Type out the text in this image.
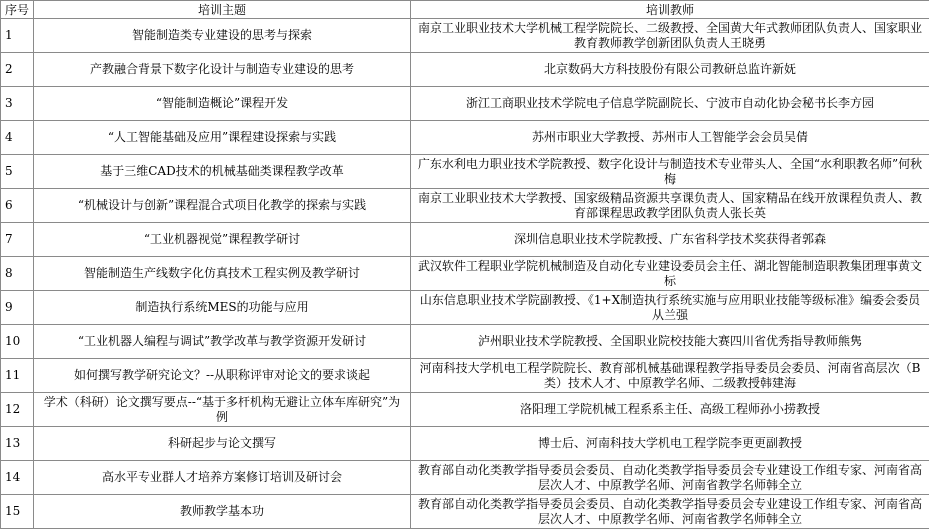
序号	培训主题	培训教师
1	智能制造类专业建设的思考与探索	南京工业职业技术大学机械工程学院院长、二级教授、全国黄大年式教师团队负责人、国家职业教育教师教学创新团队负责人王晓勇
2	产教融合背景下数字化设计与制造专业建设的思考	北京数码大方科技股份有限公司教研总监许新妩
3	“智能制造概论”课程开发	浙江工商职业技术学院电子信息学院副院长、宁波市自动化协会秘书长李方园
4	“人工智能基础及应用”课程建设探索与实践	苏州市职业大学教授、苏州市人工智能学会会员吴倩
5	基于三维CAD技术的机械基础类课程教学改革	广东水利电力职业技术学院教授、数字化设计与制造技术专业带头人、全国“水利职教名师”何秋梅
6	“机械设计与创新”课程混合式项目化教学的探索与实践	南京工业职业技术大学教授、国家级精品资源共享课负责人、国家精品在线开放课程负责人、教育部课程思政教学团队负责人张长英
7	“工业机器视觉”课程教学研讨	深圳信息职业技术学院教授、广东省科学技术奖获得者郭森
8	智能制造生产线数字化仿真技术工程实例及教学研讨	武汉软件工程职业学院机械制造及自动化专业建设委员会主任、湖北智能制造职教集团理事黄文标
9	制造执行系统MES的功能与应用	山东信息职业技术学院副教授、《1+X制造执行系统实施与应用职业技能等级标准》编委会委员从兰强
10	“工业机器人编程与调试”教学改革与教学资源开发研讨	泸州职业技术学院教授、全国职业院校技能大赛四川省优秀指导教师熊隽
11	如何撰写教学研究论文？--从职称评审对论文的要求谈起	河南科技大学机电工程学院院长、教育部机械基础课程教学指导委员会委员、河南省高层次（B类）技术人才、中原教学名师、二级教授韩建海
12	学术（科研）论文撰写要点--“基于多杆机构无避让立体车库研究”为例	洛阳理工学院机械工程系系主任、高级工程师孙小捞教授
13	科研起步与论文撰写	博士后、河南科技大学机电工程学院李更更副教授
14	高水平专业群人才培养方案修订培训及研讨会	教育部自动化类教学指导委员会委员、自动化类教学指导委员会专业建设工作组专家、河南省高层次人才、中原教学名师、河南省教学名师韩全立
15	教师教学基本功	教育部自动化类教学指导委员会委员、自动化类教学指导委员会专业建设工作组专家、河南省高层次人才、中原教学名师、河南省教学名师韩全立
